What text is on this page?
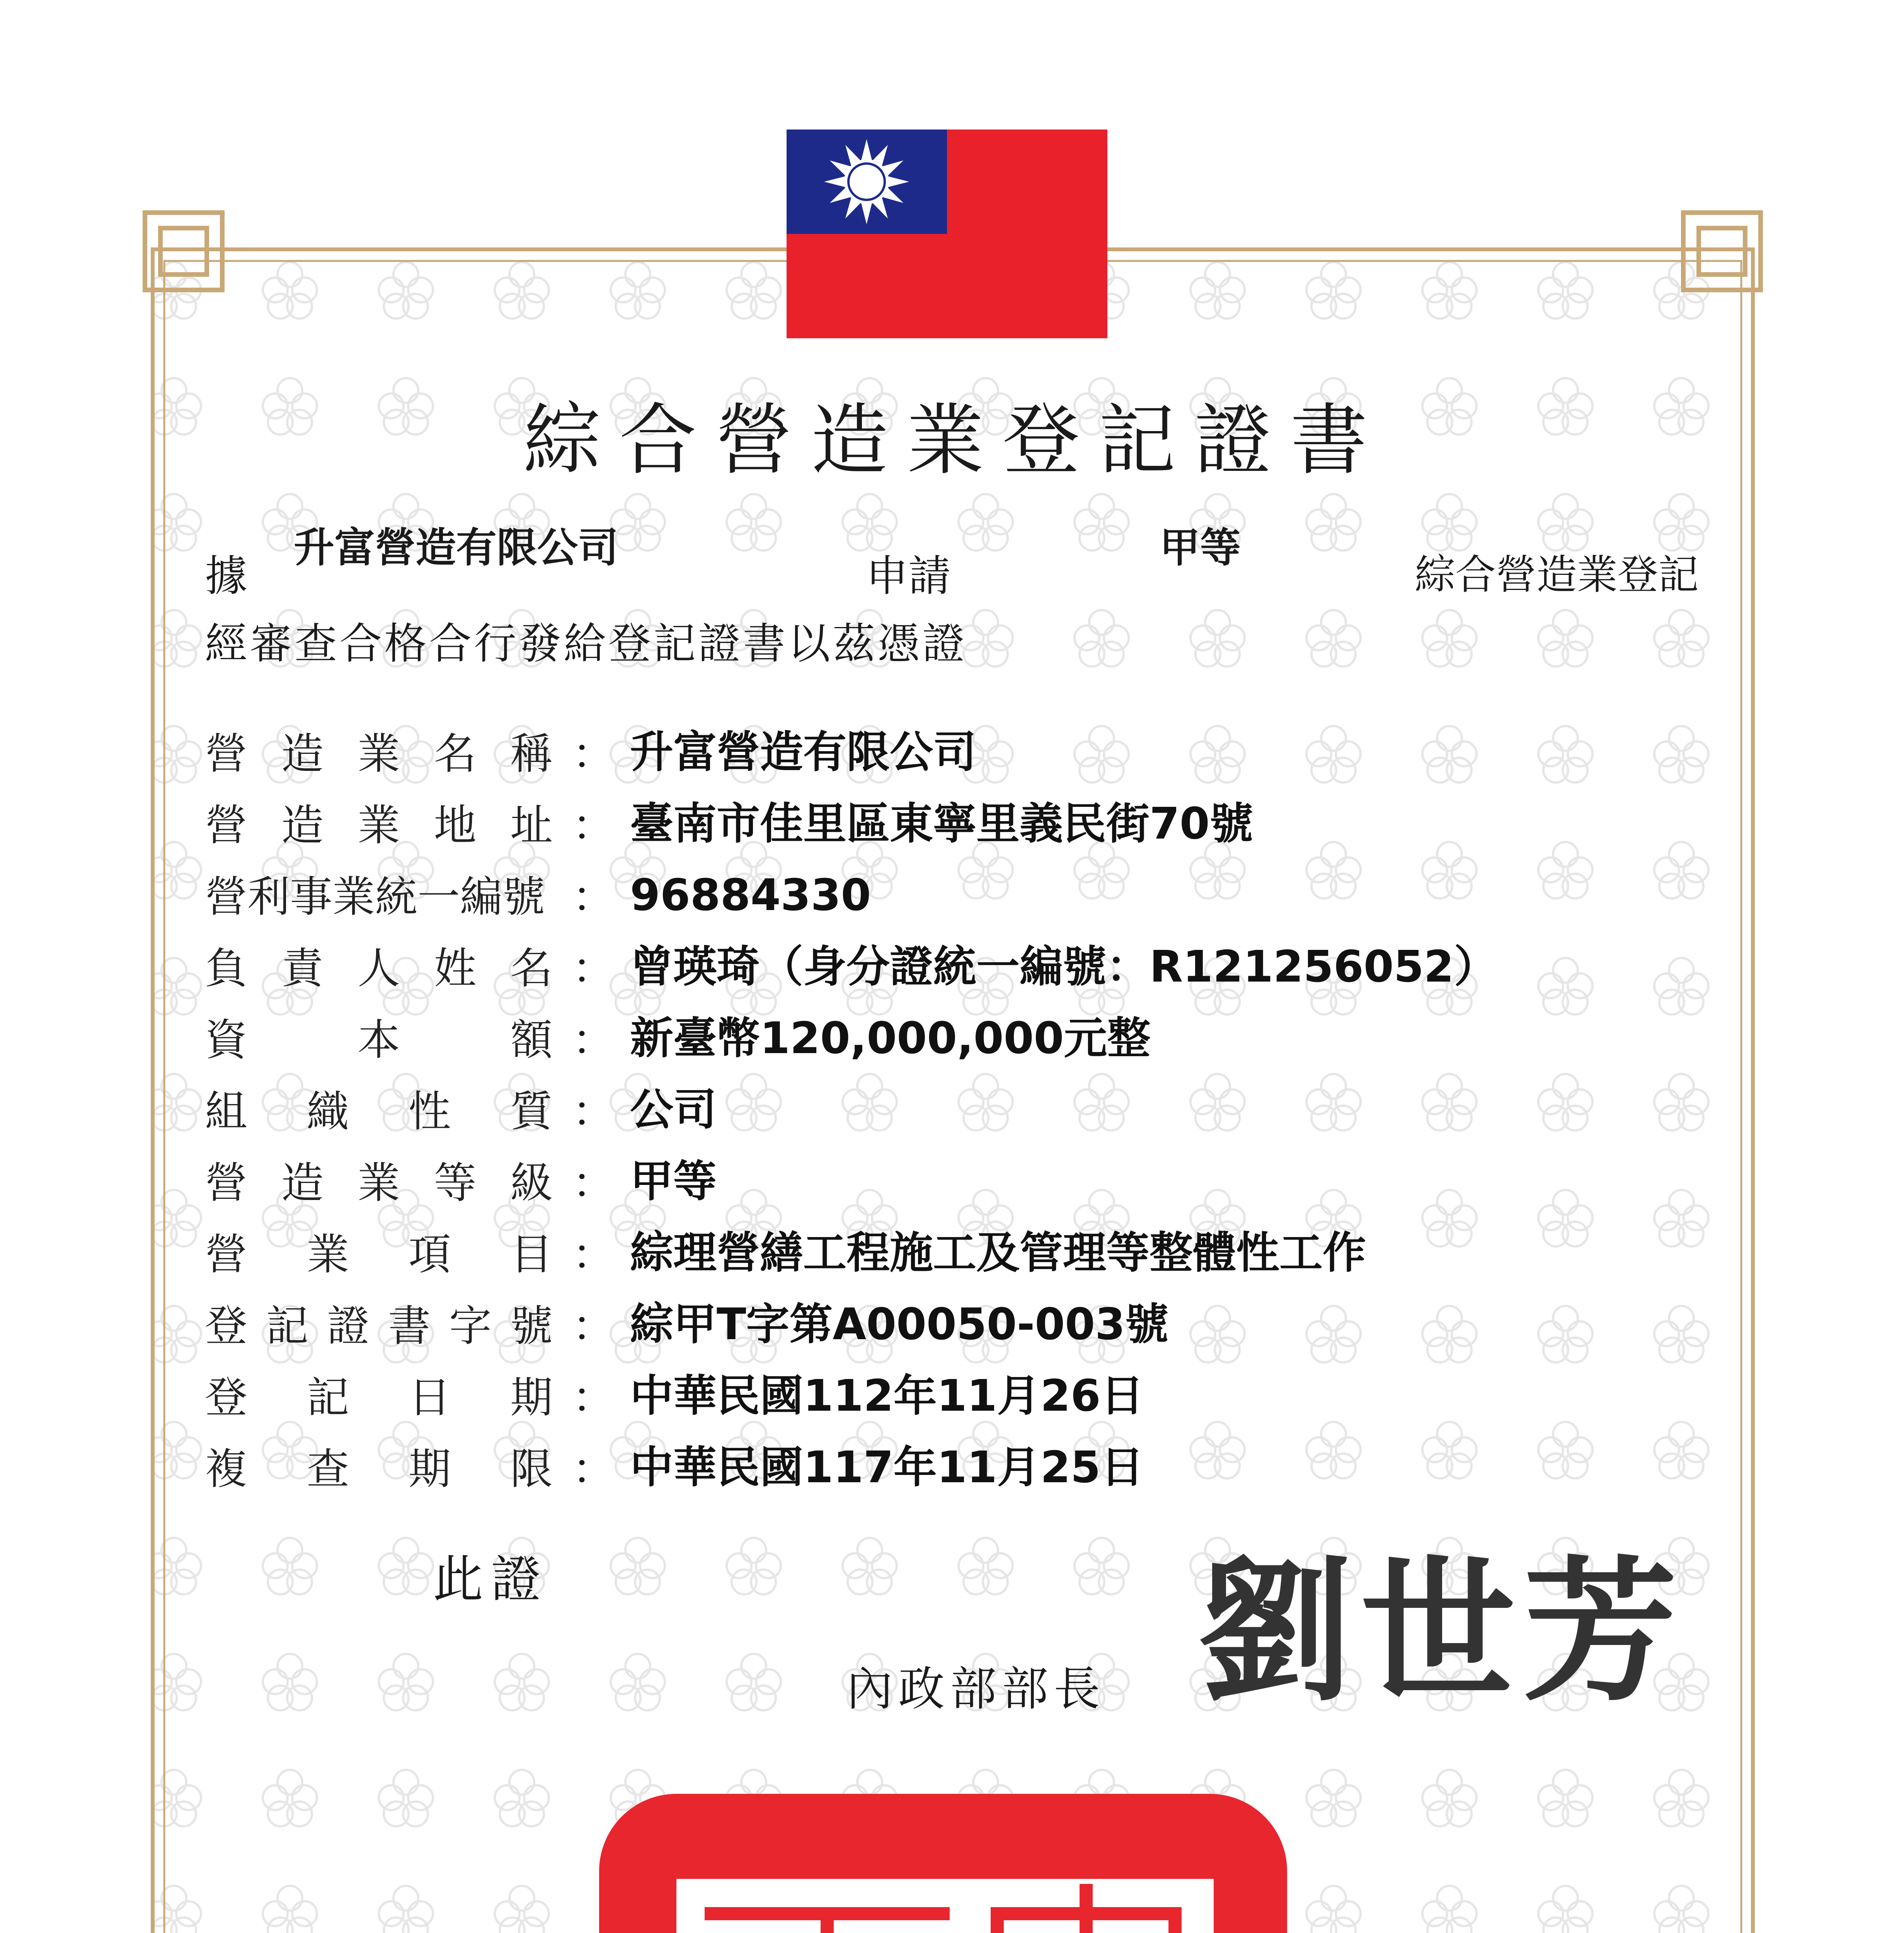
綜合營造業登記證書
據
升富營造有限公司
申請
甲等
綜合營造業登記
經審查合格合行發給登記證書以茲憑證
營 造 業 名 稱 ： 升富營造有限公司
營 造 業 地 址 ： 臺南市佳里區東寧里義民街70號
營利事業統一編號 ： 96884330
負 責 人 姓 名 ： 曾瑛琦（身分證統一編號：R121256052）
資	本	額 ： 新臺幣120,000,000元整
組 織 性 質 ： 公司
營 造 業 等 級 ： 甲等
營 業 項 目 ： 綜理營繕工程施工及管理等整體性工作
登 記 證 書 字 號 ： 綜甲T字第A00050-003號
登 記 日 期 ： 中華民國112年11月26日
複 查 期 限 ： 中華民國117年11月25日
此證
內政部部長 劉世芳
